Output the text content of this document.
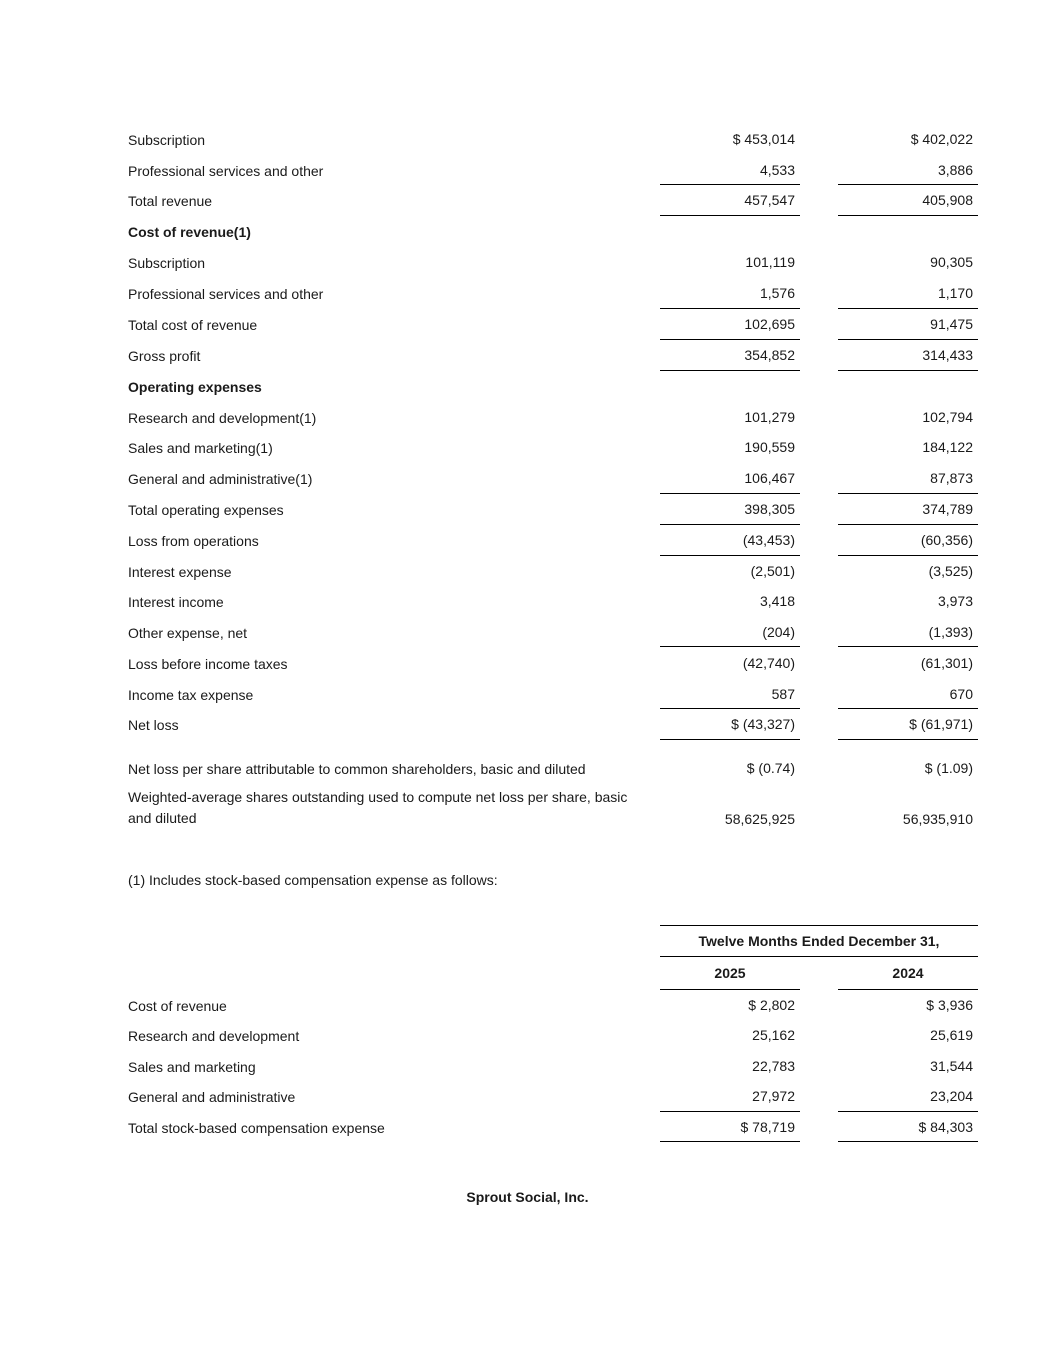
Subscription	$ 453,014	$ 402,022
Professional services and other	4,533	3,886
Total revenue	457,547	405,908
Cost of revenue(1)
Subscription	101,119	90,305
Professional services and other	1,576	1,170
Total cost of revenue	102,695	91,475
Gross profit	354,852	314,433
Operating expenses
Research and development(1)	101,279	102,794
Sales and marketing(1)	190,559	184,122
General and administrative(1)	106,467	87,873
Total operating expenses	398,305	374,789
Loss from operations	(43,453)	(60,356)
Interest expense	(2,501)	(3,525)
Interest income	3,418	3,973
Other expense, net	(204)	(1,393)
Loss before income taxes	(42,740)	(61,301)
Income tax expense	587	670
Net loss	$ (43,327)	$ (61,971)
Net loss per share attributable to common shareholders, basic and diluted	$ (0.74)	$ (1.09)
Weighted-average shares outstanding used to compute net loss per share, basic
and diluted	58,625,925	56,935,910
(1) Includes stock-based compensation expense as follows:
Twelve Months Ended December 31,
2025	2024
Cost of revenue	$ 2,802	$ 3,936
Research and development	25,162	25,619
Sales and marketing	22,783	31,544
General and administrative	27,972	23,204
Total stock-based compensation expense	$ 78,719	$ 84,303
Sprout Social, Inc.
